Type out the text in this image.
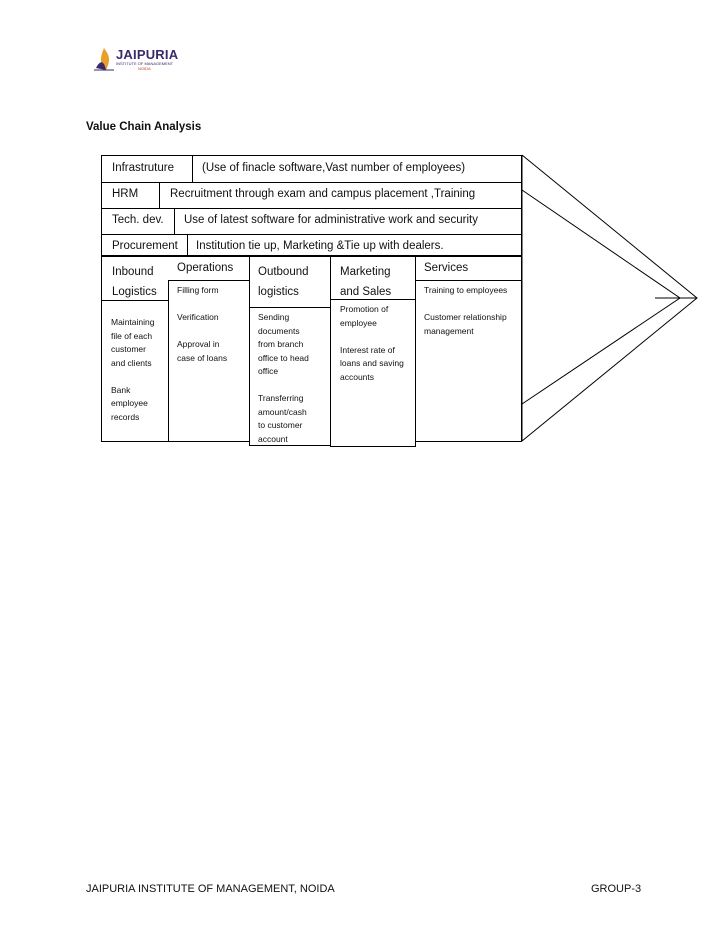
JAIPURIA
INSTITUTE OF MANAGEMENT
NOIDA
Value Chain Analysis
Infrastruture (Use of finacle software,Vast number of employees)
HRM	Recruitment through exam and campus placement ,Training
Tech. dev. Use of latest software for administrative work and security
Procurement Institution tie up, Marketing &Tie up with dealers.
Inbound
Logistics
Maintaining
file of each
customer
and clients

Bank
employee
records
Operations
Filling form

Verification

Approval in
case of loans
Outbound
logistics
Sending
documents
from branch
office to head
office

Transferring
amount/cash
to customer
account
Marketing
and Sales
Promotion of
employee

Interest rate of
loans and saving
accounts
Services
Training to employees

Customer relationship
management
JAIPURIA INSTITUTE OF MANAGEMENT, NOIDA	GROUP-3
